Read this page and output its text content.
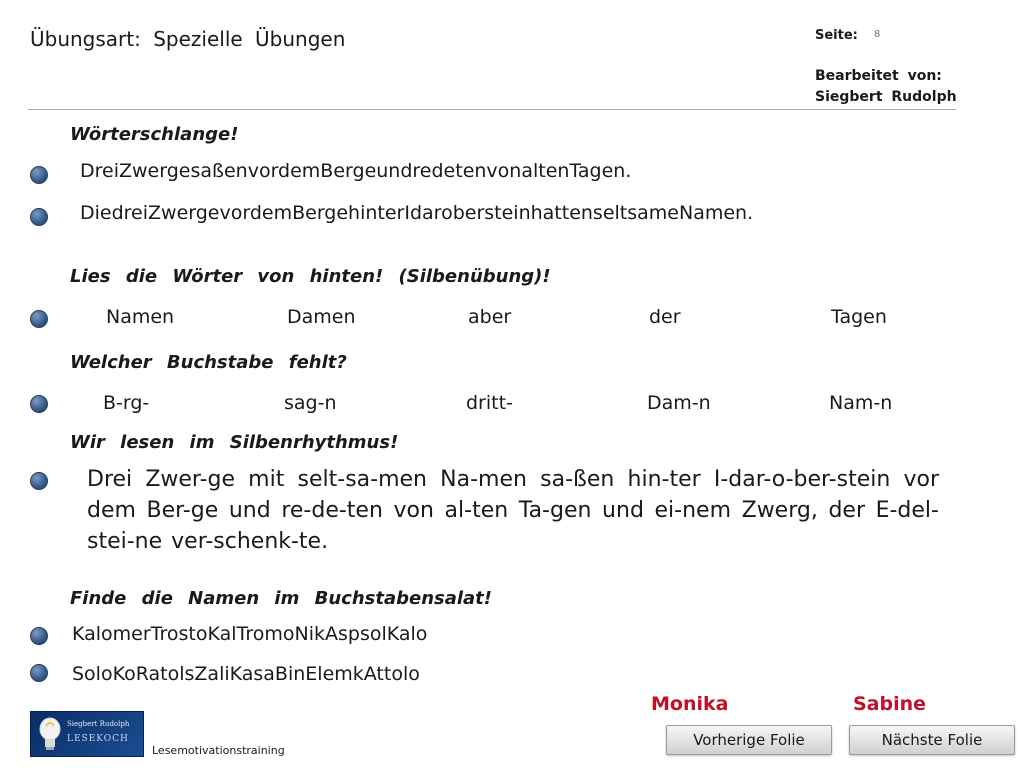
Übungsart: Spezielle Übungen	Seite: 8
Bearbeitet von:
Siegbert Rudolph
Wörterschlange!
DreiZwergesaßenvordemBergeundredetenvonaltenTagen.
DiedreiZwergevordemBergehinterIdarobersteinhattenseltsameNamen.
Lies die Wörter von hinten! (Silbenübung)!
Namen	Damen	aber	der	Tagen
Welcher Buchstabe fehlt?
B-rg-	sag-n	dritt-	Dam-n	Nam-n
Wir lesen im Silbenrhythmus!
Drei Zwer-ge mit selt-sa-men Na-men sa-ßen hin-ter I-dar-o-ber-stein vor dem Ber-ge und re-de-ten von al-ten Ta-gen und ei-nem Zwerg, der E-del-stei-ne ver-schenk-te.
Finde die Namen im Buchstabensalat!
KalomerTrostoKalTromoNikAspsolKalo
SoloKoRatolsZaliKasaBinElemkAttolo
Monika	Sabine
Vorherige Folie	Nächste Folie
Siegbert Rudolph
LESEKOCH
Lesemotivationstraining
